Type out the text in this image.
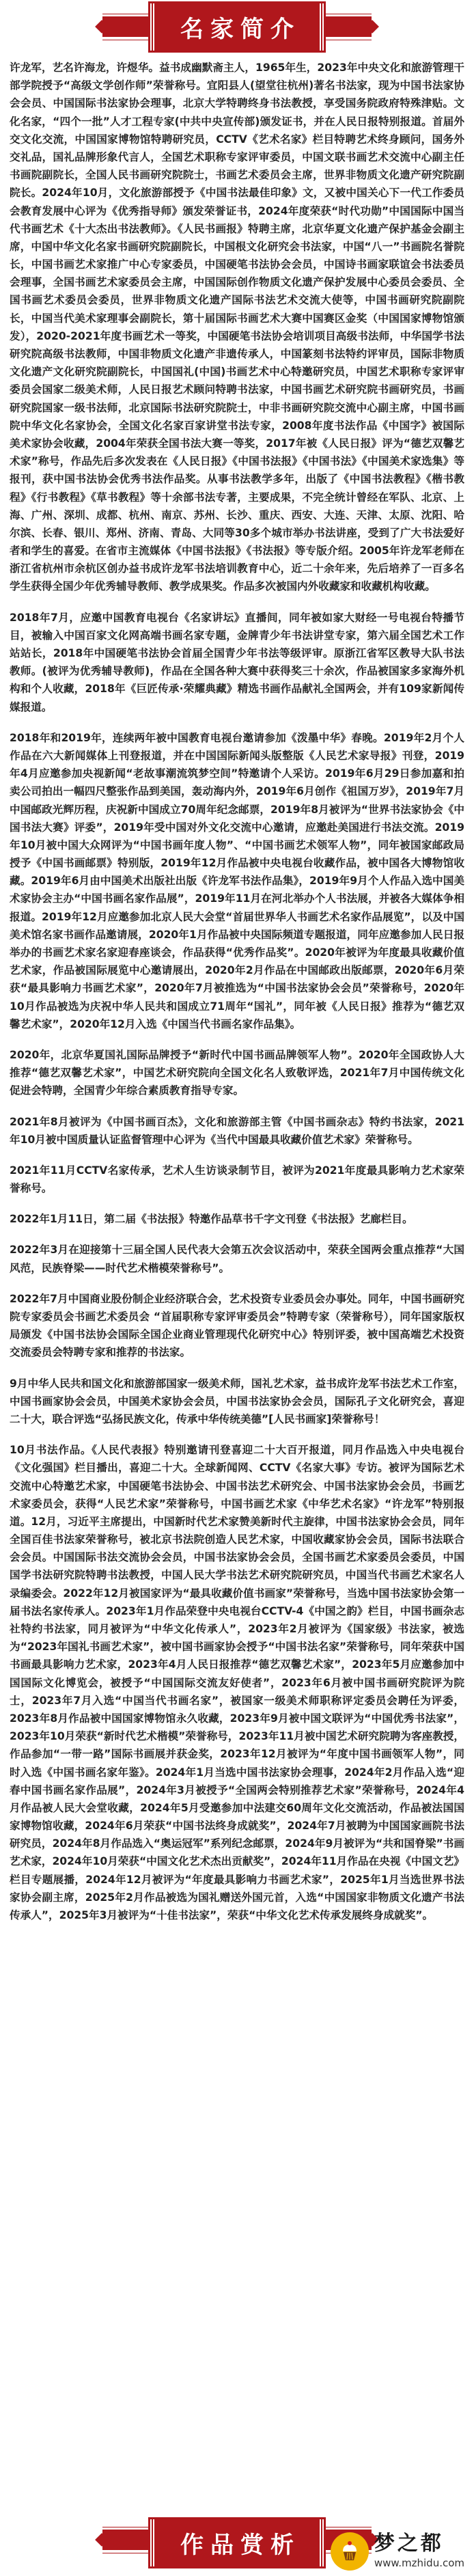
名家简介

许龙军，艺名许海龙，许煜华。益书成幽默斋主人，1965年生，2023年中央文化和旅游管理干部学院授予“高级文学创作师”荣誉称号。宜阳县人(望堂往杭州)著名书法家，现为中国书法家协会会员、中国国际书法家协会理事，北京大学特聘终身书法教授，享受国务院政府特殊津贴。文化名家，“四个一批”人才工程专家(中共中央宣传部)颁发证书，并在人民日报特别报道。首届外交文化交流，中国国家博物馆特聘研究员，CCTV《艺术名家》栏目特聘艺术终身顾问，国务外交礼品，国礼品牌形象代言人，全国艺术职称专家评审委员，中国文联书画艺术交流中心副主任书画院副院长，全国人民书画研究院院士，书画艺术委员会主席，世界非物质文化遗产研究院副院长。2024年10月，文化旅游部授予《中国书法最佳印象》文，又被中国关心下一代工作委员会教育发展中心评为《优秀指导师》颁发荣誉证书，2024年度荣获“时代功勋”中国国际中国当代书画艺术《十大杰出书法教师》。《人民书画报》特聘主席，北京华夏文化遗产保护基金会副主席，中国中华文化名家书画研究院副院长，中国根文化研究会书法家，中国“八一”书画院名誉院长，中国书画艺术家推广中心专家委员，中国硬笔书法协会会员，中国诗书画家联谊会书法委员会理事，全国书画艺术家委员会主席，中国国际创作物质文化遗产保护发展中心委员会委员、全国书画艺术委员会委员，世界非物质文化遗产国际书法艺术交流大使等，中国书画研究院副院长，中国当代美术家理事会副院长，第十届国际书画艺术大赛中国赛区金奖（中国国家博物馆颁发），2020-2021年度书画艺术一等奖，中国硬笔书法协会培训项目高级书法师，中华国学书法研究院高级书法教师，中国非物质文化遗产非遗传承人，中国篆刻书法特约评审员，国际非物质文化遗产文化研究院副院长，中国国礼(中国)书画艺术中心特邀研究员，中国艺术职称专家评审委员会国家二级美术师，人民日报艺术顾问特聘书法家，中国书画艺术研究院书画研究员，书画研究院国家一级书法师，北京国际书法研究院院士，中非书画研究院交流中心副主席，中国书画院中华文化名家协会，全国文化名家百家讲堂书法专家，2008年度书法作品《中国字》被国际美术家协会收藏，2004年荣获全国书法大赛一等奖，2017年被《人民日报》评为“德艺双馨艺术家”称号，作品先后多次发表在《人民日报》《中国书法报》《中国书法》《中国美术家选集》等报刊，获中国书法协会优秀书法作品奖。从事书法教学多年，出版了《中国书法教程》《楷书教程》《行书教程》《草书教程》等十余部书法专著，主要成果，不完全统计曾经在军队、北京、上海、广州、深圳、成都、杭州、南京、苏州、长沙、重庆、西安、大连、天津、太原、沈阳、哈尔滨、长春、银川、郑州、济南、青岛、大同等30多个城市举办书法讲座，受到了广大书法爱好者和学生的喜爱。在省市主流媒体《中国书法报》《书法报》等专版介绍。2005年许龙军老师在浙江省杭州市余杭区创办益书成许龙军书法培训教育中心，近二十余年来，先后培养了一百多名学生获得全国少年优秀辅导教师、教学成果奖。作品多次被国内外收藏家和收藏机构收藏。

2018年7月，应邀中国教育电视台《名家讲坛》直播间，同年被如家大财经一号电视台特播节目，被输入中国百家文化网高端书画名家专题，金牌青少年书法讲堂专家，第六届全国艺术工作站站长，2018年中国硬笔书法协会首届全国青少年书法等级评审。原浙江省军区教导大队书法教师。(被评为优秀辅导教师)，作品在全国各种大赛中获得奖三十余次，作品被国家多家海外机构和个人收藏，2018年《巨匠传承·荣耀典藏》精选书画作品献礼全国两会，并有109家新闻传媒报道。

2018年和2019年，连续两年被中国教育电视台邀请参加《泼墨中华》春晚。2019年2月个人作品在六大新闻媒体上刊登报道，并在中国国际新闻头版整版《人民艺术家导报》刊登，2019年4月应邀参加央视新闻“老故事潮流筑梦空间”特邀请个人采访。2019年6月29日参加嘉和拍卖公司拍出一幅四尺整张作品到美国，轰动海内外，2019年6月创作《祖国万岁》，2019年7月中国邮政光辉历程，庆祝新中国成立70周年纪念邮票，2019年8月被评为“世界书法家协会《中国书法大赛》评委”，2019年受中国对外文化交流中心邀请，应邀赴美国进行书法交流。2019年10月被中国大众网评为“中国书画年度人物”、“中国书画艺术领军人物”，同年被国家邮政局授予《中国书画邮票》特别版，2019年12月作品被中央电视台收藏作品，被中国各大博物馆收藏。2019年6月由中国美术出版社出版《许龙军书法作品集》，2019年9月个人作品入选中国美术家协会主办“中国书画名家作品展”，2019年11月在河北举办个人书法展，并被各大媒体争相报道。2019年12月应邀参加北京人民大会堂“首届世界华人书画艺术名家作品展览”，以及中国美术馆名家书画作品邀请展，2020年1月作品被中央国际频道专题报道，同年应邀参加人民日报举办的书画艺术家名家迎春座谈会，作品获得“优秀作品奖”。2020年被评为年度最具收藏价值艺术家，作品被国际展览中心邀请展出，2020年2月作品在中国邮政出版邮票，2020年6月荣获“最具影响力书画艺术家”，2020年7月被推选为“中国书法家协会会员”荣誉称号，2020年10月作品被选为庆祝中华人民共和国成立71周年“国礼”，同年被《人民日报》推荐为“德艺双馨艺术家”，2020年12月入选《中国当代书画名家作品集》。

2020年，北京华夏国礼国际品牌授予“新时代中国书画品牌领军人物”。2020年全国政协人大推荐“德艺双馨艺术家”，中国艺术研究院向全国文化名人致敬评选，2021年7月中国传统文化促进会特聘，全国青少年综合素质教育指导专家。

2021年8月被评为《中国书画百杰》，文化和旅游部主管《中国书画杂志》特约书法家，2021年10月被中国质量认证监督管理中心评为《当代中国最具收藏价值艺术家》荣誉称号。

2021年11月CCTV名家传承，艺术人生访谈录制节目，被评为2021年度最具影响力艺术家荣誉称号。

2022年1月11日，第二届《书法报》特邀作品草书千字文刊登《书法报》艺廊栏目。

2022年3月在迎接第十三届全国人民代表大会第五次会议活动中，荣获全国两会重点推荐“大国风范，民族脊梁——时代艺术楷模荣誉称号”。

2022年7月中国商业股份制企业经济联合会，艺术投资专业委员会办事处。同年，中国书画研究院专家委员会书画艺术委员会 “首届职称专家评审委员会”特聘专家（荣誉称号），同年国家版权局颁发《中国书法协会国际全国企业商业管理现代化研究中心》特别评委，被中国高端艺术投资交流委员会特聘专家和推荐的书法家。

9月中华人民共和国文化和旅游部国家一级美术师，国礼艺术家，益书成许龙军书法艺术工作室，中国书画家协会会员，中国美术家协会会员，中国书法家协会会员，国际孔子文化研究会，喜迎二十大，联合评选“弘扬民族文化，传承中华传统美德”[人民书画家]荣誉称号！

10月书法作品。《人民代表报》特别邀请刊登喜迎二十大百开报道，同月作品选入中央电视台《文化强国》栏目播出，喜迎二十大。全球新闻网、CCTV《名家大事》专访。被评为国际艺术交流中心特邀艺术家，中国硬笔书法协会、中国书法艺术研究会、中国书法家协会会员，书画艺术家委员会，获得“人民艺术家”荣誉称号，中国书画艺术家《中华艺术名家》“许龙军”特别报道。12月，习近平主席提出，中国新时代艺术家赞美新时代主旋律，中国书法家协会会员，同年全国百佳书法家荣誉称号，被北京书法院创造人民艺术家，中国收藏家协会会员，国际书法联合会会员。中国国际书法交流协会会员，中国书法家协会会员，全国书画艺术家委员会委员，中国国学书法研究院特聘书法教授，中国人民大学书法艺术研究院研究员，中国当代书画艺术家名人录编委会。2022年12月被国家评为“最具收藏价值书画家”荣誉称号，当选中国书法家协会第一届书法名家传承人。2023年1月作品荣登中央电视台CCTV-4《中国之韵》栏目，中国书画杂志社特约书法家，同月被评为“中华文化传承人”，2023年2月被评为《国家级》书法家，被选为“2023年国礼书画艺术家”，被中国书画家协会授予“中国书法名家”荣誉称号，同年荣获中国书画最具影响力艺术家，2023年4月人民日报推荐“德艺双馨艺术家”，2023年5月应邀参加中国国际文化博览会，被授予“中国国际交流友好使者”，2023年6月被中国书画研究院评为院士，2023年7月入选“中国当代书画名家”，被国家一级美术师职称评定委员会聘任为评委，2023年8月作品被中国国家博物馆永久收藏，2023年9月被中国文联评为“中国优秀书法家”，2023年10月荣获“新时代艺术楷模”荣誉称号，2023年11月被中国艺术研究院聘为客座教授，作品参加“一带一路”国际书画展并获金奖，2023年12月被评为“年度中国书画领军人物”，同时入选《中国书画名家年鉴》。2024年1月当选中国书法家协会理事，2024年2月作品入选“迎春中国书画名家作品展”，2024年3月被授予“全国两会特别推荐艺术家”荣誉称号，2024年4月作品被人民大会堂收藏，2024年5月受邀参加中法建交60周年文化交流活动，作品被法国国家博物馆收藏，2024年6月荣获“中国书法终身成就奖”，2024年7月被聘为中国国家画院书法研究员，2024年8月作品选入“奥运冠军”系列纪念邮票，2024年9月被评为“共和国脊梁”书画艺术家，2024年10月荣获“中国文化艺术杰出贡献奖”，2024年11月作品在央视《中国文艺》栏目专题展播，2024年12月被评为“年度最具影响力书画艺术家”，2025年1月当选世界书法家协会副主席，2025年2月作品被选为国礼赠送外国元首，入选“中国国家非物质文化遗产书法传承人”，2025年3月被评为“十佳书法家”，荣获“中华文化艺术传承发展终身成就奖”。

作品赏析	梦之都
www.mzhidu.com
